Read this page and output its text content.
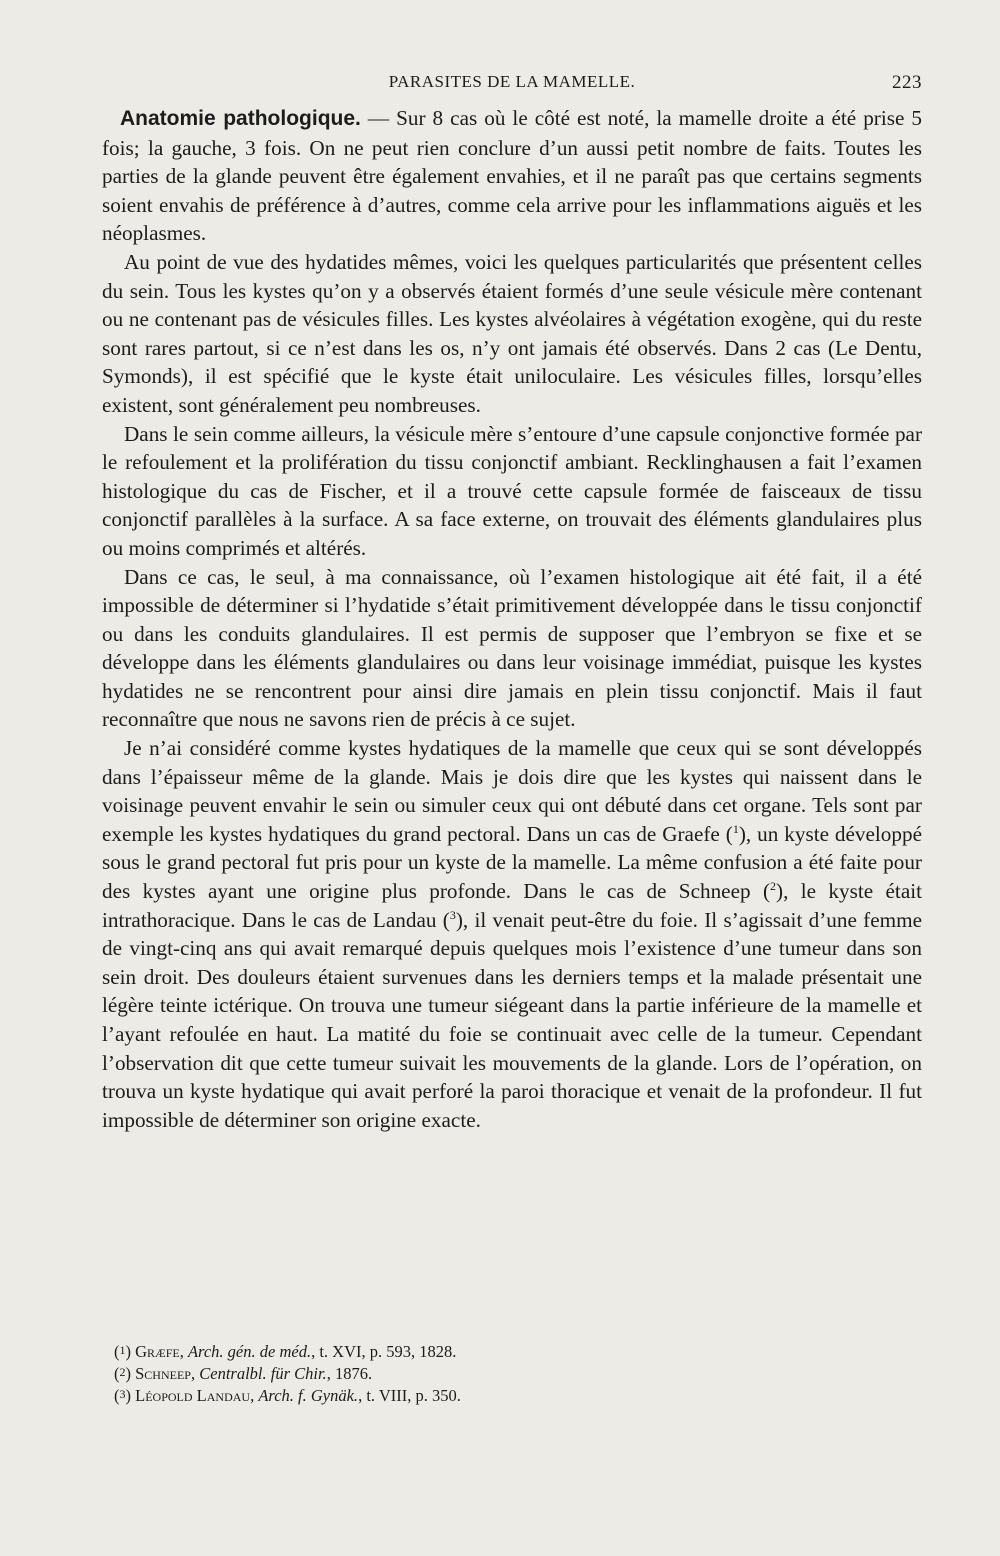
PARASITES DE LA MAMELLE.	223

Anatomie pathologique. — Sur 8 cas où le côté est noté, la mamelle droite a été prise 5 fois; la gauche, 3 fois. On ne peut rien conclure d’un aussi petit nombre de faits. Toutes les parties de la glande peuvent être également envahies, et il ne paraît pas que certains segments soient envahis de préférence à d’autres, comme cela arrive pour les inflammations aiguës et les néoplasmes.

Au point de vue des hydatides mêmes, voici les quelques particularités que présentent celles du sein. Tous les kystes qu’on y a observés étaient formés d’une seule vésicule mère contenant ou ne contenant pas de vésicules filles. Les kystes alvéolaires à végétation exogène, qui du reste sont rares partout, si ce n’est dans les os, n’y ont jamais été observés. Dans 2 cas (Le Dentu, Symonds), il est spécifié que le kyste était uniloculaire. Les vésicules filles, lorsqu’elles existent, sont généralement peu nombreuses.

Dans le sein comme ailleurs, la vésicule mère s’entoure d’une capsule conjonctive formée par le refoulement et la prolifération du tissu conjonctif ambiant. Recklinghausen a fait l’examen histologique du cas de Fischer, et il a trouvé cette capsule formée de faisceaux de tissu conjonctif parallèles à la surface. A sa face externe, on trouvait des éléments glandulaires plus ou moins comprimés et altérés.

Dans ce cas, le seul, à ma connaissance, où l’examen histologique ait été fait, il a été impossible de déterminer si l’hydatide s’était primitivement développée dans le tissu conjonctif ou dans les conduits glandulaires. Il est permis de supposer que l’embryon se fixe et se développe dans les éléments glandulaires ou dans leur voisinage immédiat, puisque les kystes hydatides ne se rencontrent pour ainsi dire jamais en plein tissu conjonctif. Mais il faut reconnaître que nous ne savons rien de précis à ce sujet.

Je n’ai considéré comme kystes hydatiques de la mamelle que ceux qui se sont développés dans l’épaisseur même de la glande. Mais je dois dire que les kystes qui naissent dans le voisinage peuvent envahir le sein ou simuler ceux qui ont débuté dans cet organe. Tels sont par exemple les kystes hydatiques du grand pectoral. Dans un cas de Graefe ($^1$), un kyste développé sous le grand pectoral fut pris pour un kyste de la mamelle. La même confusion a été faite pour des kystes ayant une origine plus profonde. Dans le cas de Schneep ($^2$), le kyste était intrathoracique. Dans le cas de Landau ($^3$), il venait peut-être du foie. Il s’agissait d’une femme de vingt-cinq ans qui avait remarqué depuis quelques mois l’existence d’une tumeur dans son sein droit. Des douleurs étaient survenues dans les derniers temps et la malade présentait une légère teinte ictérique. On trouva une tumeur siégeant dans la partie inférieure de la mamelle et l’ayant refoulée en haut. La matité du foie se continuait avec celle de la tumeur. Cependant l’observation dit que cette tumeur suivait les mouvements de la glande. Lors de l’opération, on trouva un kyste hydatique qui avait perforé la paroi thoracique et venait de la profondeur. Il fut impossible de déterminer son origine exacte.

(1) Græfe, Arch. gén. de méd., t. XVI, p. 593, 1828.

(2) Schneep, Centralbl. für Chir., 1876.

(3) Léopold Landau, Arch. f. Gynäk., t. VIII, p. 350.
